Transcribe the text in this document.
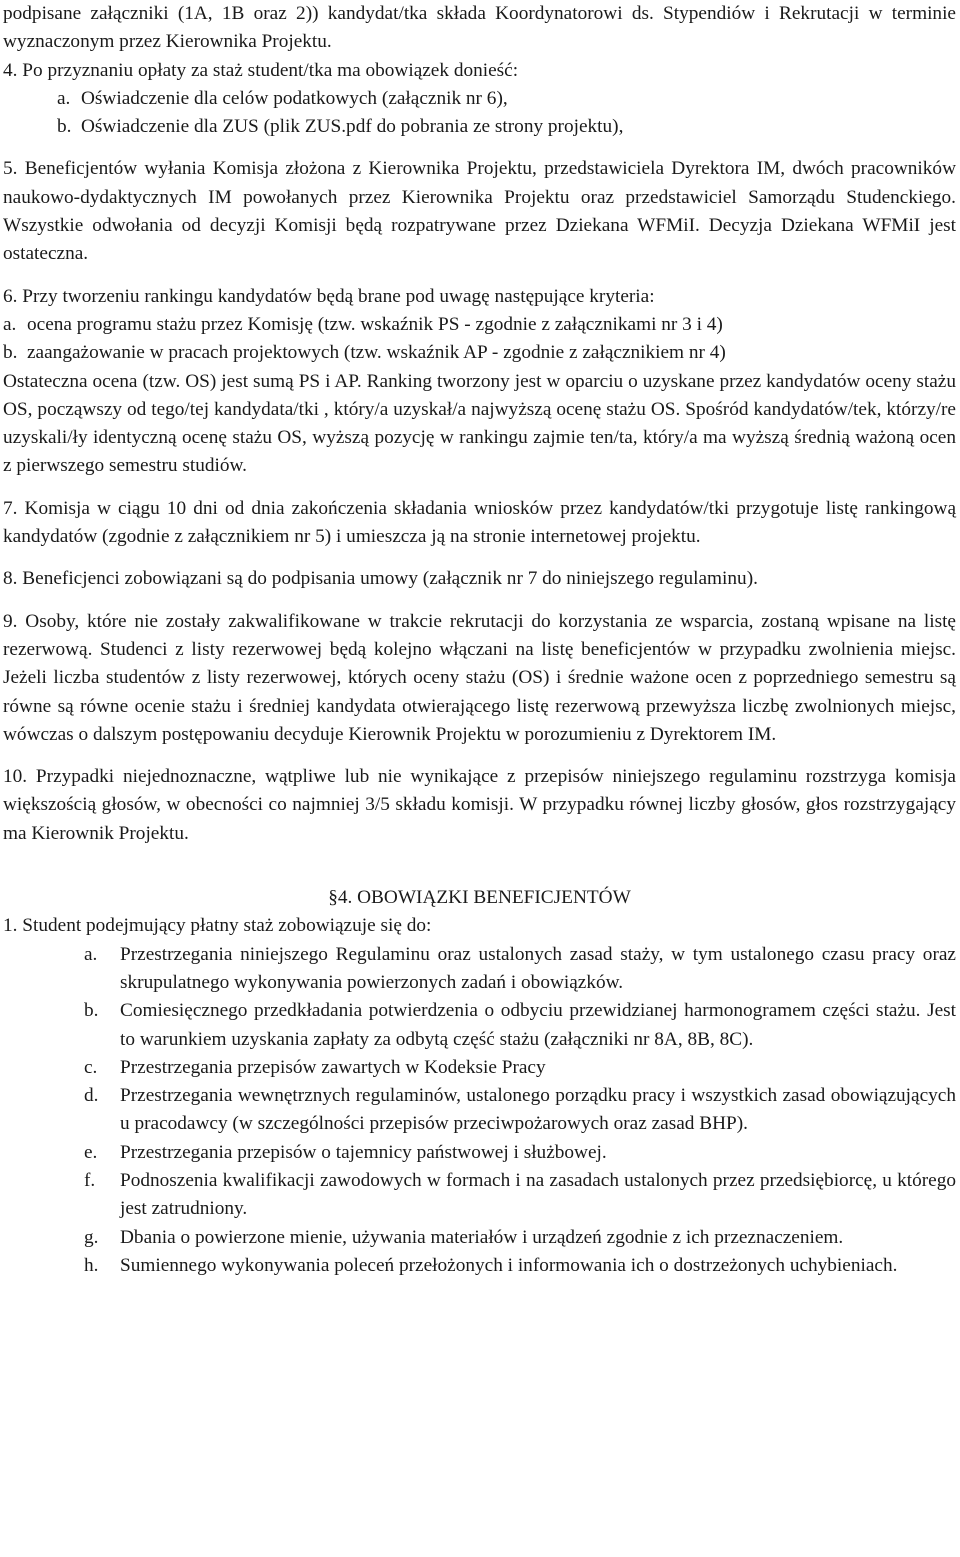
podpisane załączniki (1A, 1B oraz 2)) kandydat/tka składa Koordynatorowi ds. Stypendiów i Rekrutacji w terminie wyznaczonym przez Kierownika Projektu.

4. Po przyznaniu opłaty za staż student/tka ma obowiązek donieść:

a. Oświadczenie dla celów podatkowych (załącznik nr 6),
b. Oświadczenie dla ZUS (plik ZUS.pdf do pobrania ze strony projektu),

5. Beneficjentów wyłania Komisja złożona z Kierownika Projektu, przedstawiciela Dyrektora IM, dwóch pracowników naukowo-dydaktycznych IM powołanych przez Kierownika Projektu oraz przedstawiciel Samorządu Studenckiego. Wszystkie odwołania od decyzji Komisji będą rozpatrywane przez Dziekana WFMiI. Decyzja Dziekana WFMiI jest ostateczna.

6. Przy tworzeniu rankingu kandydatów będą brane pod uwagę następujące kryteria:

a. ocena programu stażu przez Komisję (tzw. wskaźnik PS - zgodnie z załącznikami nr 3 i 4)
b. zaangażowanie w pracach projektowych (tzw. wskaźnik AP - zgodnie z załącznikiem nr 4)

Ostateczna ocena (tzw. OS) jest sumą PS i AP. Ranking tworzony jest w oparciu o uzyskane przez kandydatów oceny stażu OS, począwszy od tego/tej kandydata/tki , który/a uzyskał/a najwyższą ocenę stażu OS. Spośród kandydatów/tek, którzy/re uzyskali/ły identyczną ocenę stażu OS, wyższą pozycję w rankingu zajmie ten/ta, który/a ma wyższą średnią ważoną ocen z pierwszego semestru studiów.

7. Komisja w ciągu 10 dni od dnia zakończenia składania wniosków przez kandydatów/tki przygotuje listę rankingową kandydatów (zgodnie z załącznikiem nr 5) i umieszcza ją na stronie internetowej projektu.

8. Beneficjenci zobowiązani są do podpisania umowy (załącznik nr 7 do niniejszego regulaminu).

9. Osoby, które nie zostały zakwalifikowane w trakcie rekrutacji do korzystania ze wsparcia, zostaną wpisane na listę rezerwową. Studenci z listy rezerwowej będą kolejno włączani na listę beneficjentów w przypadku zwolnienia miejsc. Jeżeli liczba studentów z listy rezerwowej, których oceny stażu (OS) i średnie ważone ocen z poprzedniego semestru są równe są równe ocenie stażu i średniej kandydata otwierającego listę rezerwową przewyższa liczbę zwolnionych miejsc, wówczas o dalszym postępowaniu decyduje Kierownik Projektu w porozumieniu z Dyrektorem IM.

10. Przypadki niejednoznaczne, wątpliwe lub nie wynikające z przepisów niniejszego regulaminu rozstrzyga komisja większością głosów, w obecności co najmniej 3/5 składu komisji. W przypadku równej liczby głosów, głos rozstrzygający ma Kierownik Projektu.

§4. OBOWIĄZKI BENEFICJENTÓW

1. Student podejmujący płatny staż zobowiązuje się do:

a.	Przestrzegania niniejszego Regulaminu oraz ustalonych zasad staży, w tym ustalonego czasu pracy oraz skrupulatnego wykonywania powierzonych zadań i obowiązków.
b.	Comiesięcznego przedkładania potwierdzenia o odbyciu przewidzianej harmonogramem części stażu. Jest to warunkiem uzyskania zapłaty za odbytą część stażu (załączniki nr 8A, 8B, 8C).
c.	Przestrzegania przepisów zawartych w Kodeksie Pracy
d.	Przestrzegania wewnętrznych regulaminów, ustalonego porządku pracy i wszystkich zasad obowiązujących u pracodawcy (w szczególności przepisów przeciwpożarowych oraz zasad BHP).
e.	Przestrzegania przepisów o tajemnicy państwowej i służbowej.
f.	Podnoszenia kwalifikacji zawodowych w formach i na zasadach ustalonych przez przedsiębiorcę, u którego jest zatrudniony.
g.	Dbania o powierzone mienie, używania materiałów i urządzeń zgodnie z ich przeznaczeniem.
h.	Sumiennego wykonywania poleceń przełożonych i informowania ich o dostrzeżonych uchybieniach.
